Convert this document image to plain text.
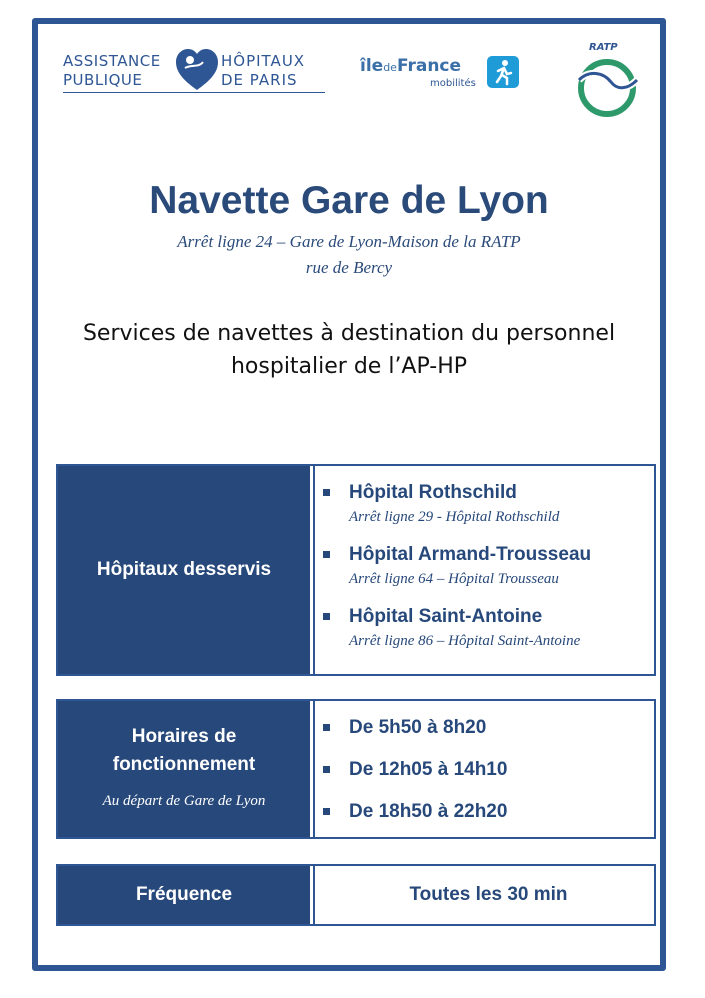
ASSISTANCE
PUBLIQUE
HÔPITAUX
DE PARIS
îledeFrance
mobilités
RATP
Navette Gare de Lyon
Arrêt ligne 24 – Gare de Lyon-Maison de la RATP
rue de Bercy
Services de navettes à destination du personnel
hospitalier de l’AP-HP
Hôpitaux desservis
Hôpital Rothschild
Arrêt ligne 29 - Hôpital Rothschild
Hôpital Armand-Trousseau
Arrêt ligne 64 – Hôpital Trousseau
Hôpital Saint-Antoine
Arrêt ligne 86 – Hôpital Saint-Antoine
Horaires de
fonctionnement
Au départ de Gare de Lyon
De 5h50 à 8h20
De 12h05 à 14h10
De 18h50 à 22h20
Fréquence	Toutes les 30 min
